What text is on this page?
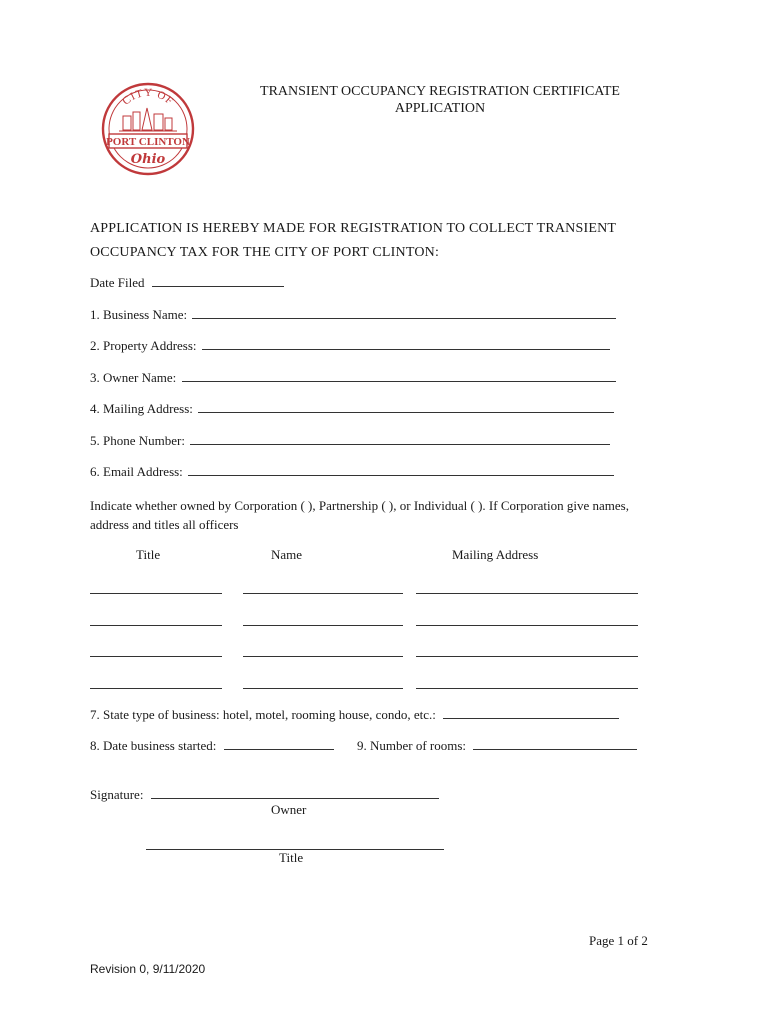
CITY OF
PORT CLINTON
Ohio
TRANSIENT OCCUPANCY REGISTRATION CERTIFICATE
APPLICATION
APPLICATION IS HEREBY MADE FOR REGISTRATION TO COLLECT TRANSIENT
OCCUPANCY TAX FOR THE CITY OF PORT CLINTON:
Date Filed
1. Business Name:
2. Property Address:
3. Owner Name:
4. Mailing Address:
5. Phone Number:
6. Email Address:
Indicate whether owned by Corporation ( ), Partnership ( ), or Individual ( ). If Corporation give names,
address and titles all officers
Title	Name	Mailing Address
7. State type of business: hotel, motel, rooming house, condo, etc.:
8. Date business started:	9. Number of rooms:
Signature:
Owner
Title
Page 1 of 2
Revision 0, 9/11/2020
